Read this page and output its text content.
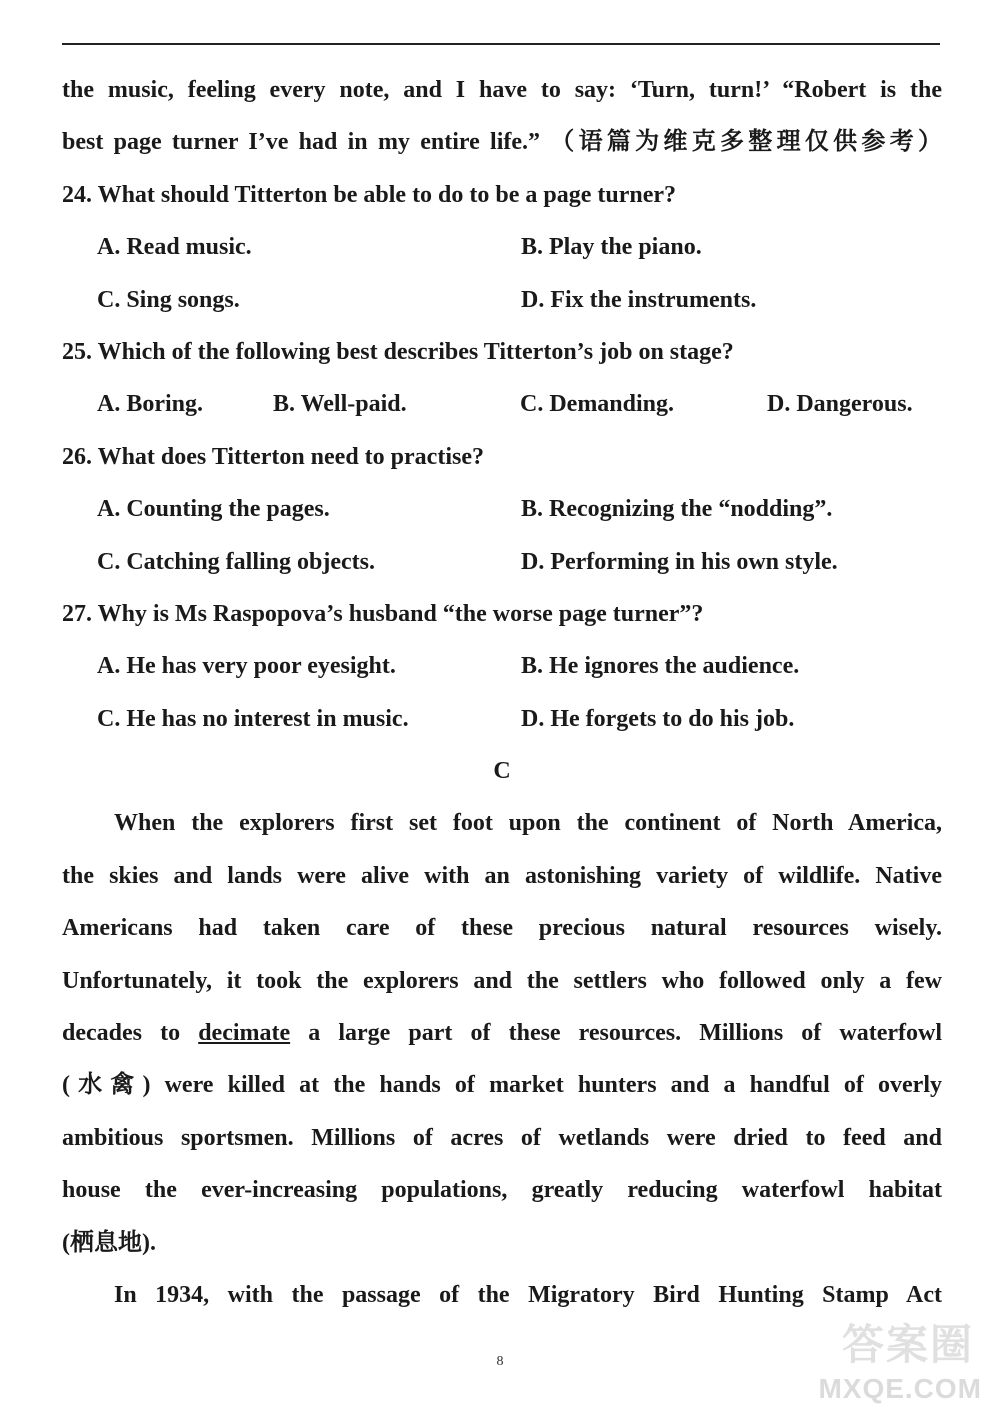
the music, feeling every note, and I have to say: ‘Turn, turn!’ “Robert is the
best page turner I’ve had in my entire life.” （语篇为维克多整理仅供参考）
24. What should Titterton be able to do to be a page turner?
A. Read music.	B. Play the piano.
C. Sing songs.	D. Fix the instruments.
25. Which of the following best describes Titterton’s job on stage?
A. Boring.	B. Well-paid.	C. Demanding.	D. Dangerous.
26. What does Titterton need to practise?
A. Counting the pages.	B. Recognizing the “nodding”.
C. Catching falling objects.	D. Performing in his own style.
27. Why is Ms Raspopova’s husband “the worse page turner”?
A. He has very poor eyesight.	B. He ignores the audience.
C. He has no interest in music.	D. He forgets to do his job.
C
When the explorers first set foot upon the continent of North America,
the skies and lands were alive with an astonishing variety of wildlife. Native
Americans had taken care of these precious natural resources wisely.
Unfortunately, it took the explorers and the settlers who followed only a few
decades to decimate a large part of these resources. Millions of waterfowl
(水禽) were killed at the hands of market hunters and a handful of overly
ambitious sportsmen. Millions of acres of wetlands were dried to feed and
house the ever-increasing populations, greatly reducing waterfowl habitat
(栖息地).
In 1934, with the passage of the Migratory Bird Hunting Stamp Act
8	答案圈
MXQE.COM
